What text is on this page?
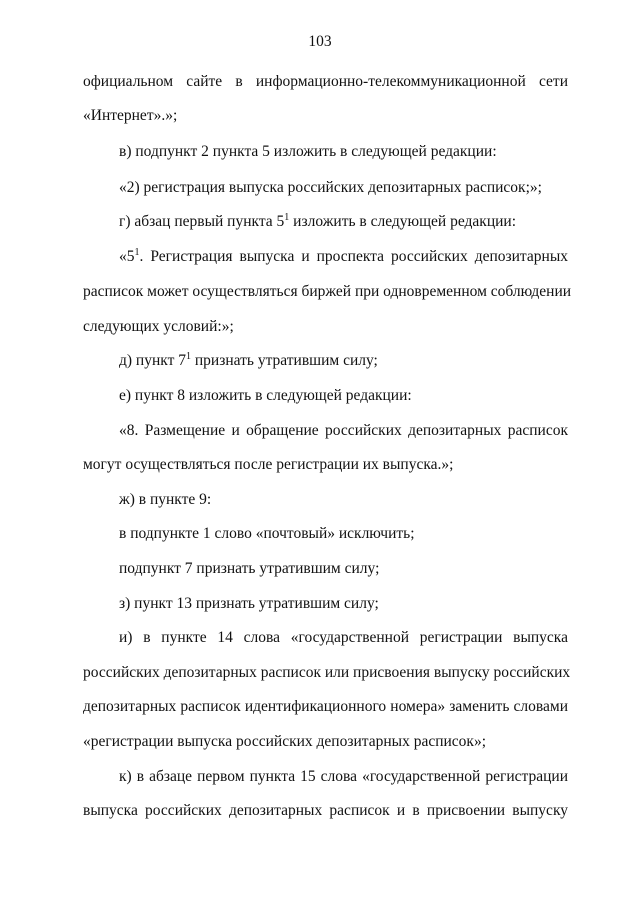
103
официальном сайте в информационно-телекоммуникационной сети
«Интернет».»;
в) подпункт 2 пункта 5 изложить в следующей редакции:
«2) регистрация выпуска российских депозитарных расписок;»;
г) абзац первый пункта $5^1$ изложить в следующей редакции:
«$5^1$. Регистрация выпуска и проспекта российских депозитарных
расписок может осуществляться биржей при одновременном соблюдении
следующих условий:»;
д) пункт $7^1$ признать утратившим силу;
е) пункт 8 изложить в следующей редакции:
«8. Размещение и обращение российских депозитарных расписок
могут осуществляться после регистрации их выпуска.»;
ж) в пункте 9:
в подпункте 1 слово «почтовый» исключить;
подпункт 7 признать утратившим силу;
з) пункт 13 признать утратившим силу;
и) в пункте 14 слова «государственной регистрации выпуска
российских депозитарных расписок или присвоения выпуску российских
депозитарных расписок идентификационного номера» заменить словами
«регистрации выпуска российских депозитарных расписок»;
к) в абзаце первом пункта 15 слова «государственной регистрации
выпуска российских депозитарных расписок и в присвоении выпуску
